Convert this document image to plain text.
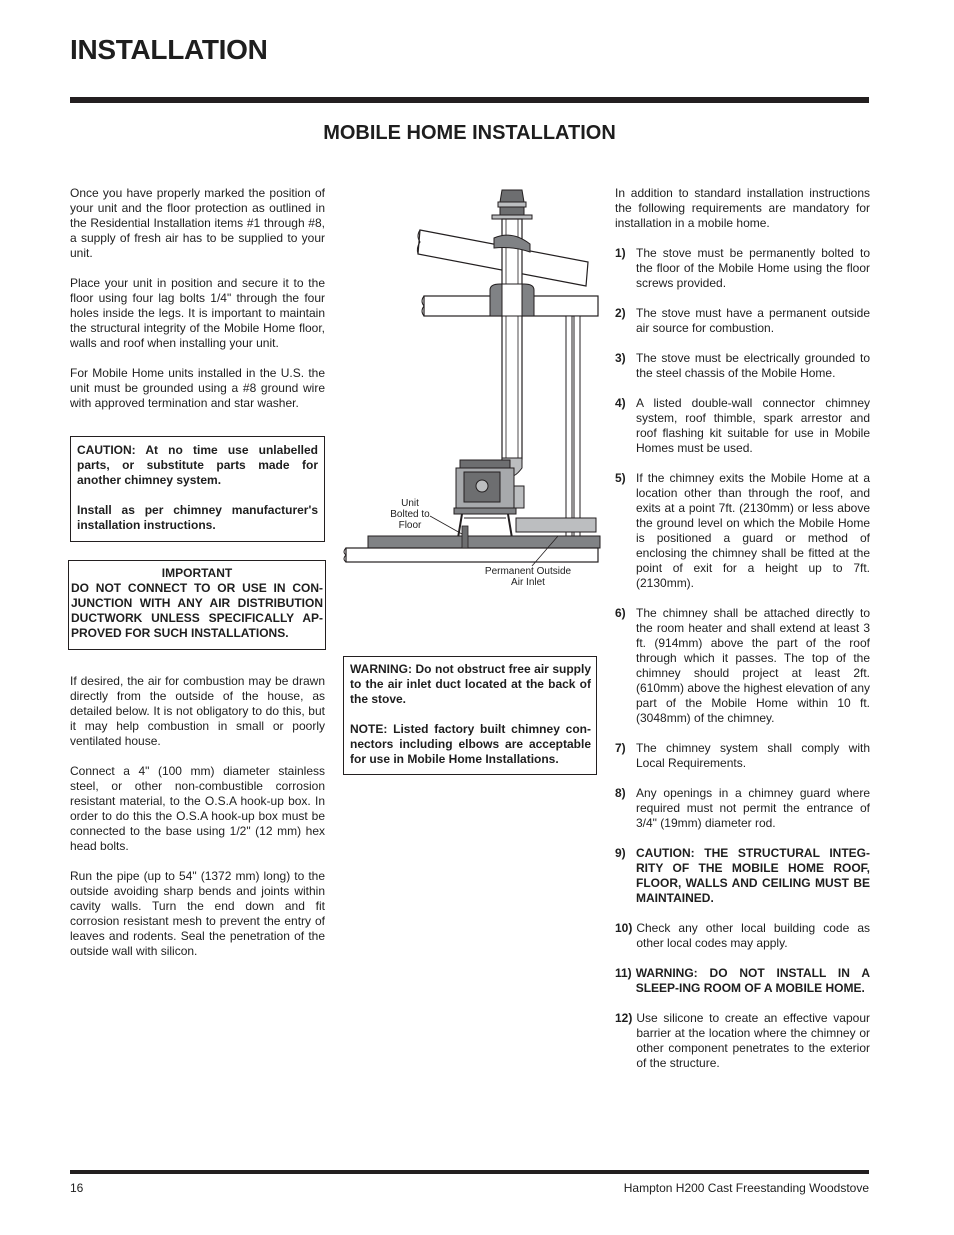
INSTALLATION
MOBILE HOME INSTALLATION

Once you have properly marked the position of your unit and the floor protection as outlined in the Residential Installation items #1 through #8, a supply of fresh air has to be supplied to your unit.

Place your unit in position and secure it to the floor using four lag bolts 1/4" through the four holes inside the legs. It is important to maintain the structural integrity of the Mobile Home floor, walls and roof when installing your unit.

For Mobile Home units installed in the U.S. the unit must be grounded using a #8 ground wire with approved termination and star washer.

CAUTION: At no time use unlabelled parts, or substitute parts made for another chimney system.

Install as per chimney manufacturer's installation instructions.

IMPORTANT
DO NOT CONNECT TO OR USE IN CON-JUNCTION WITH ANY AIR DISTRIBUTION DUCTWORK UNLESS SPECIFICALLY AP-PROVED FOR SUCH INSTALLATIONS.

If desired, the air for combustion may be drawn directly from the outside of the house, as detailed below. It is not obligatory to do this, but it may help combustion in small or poorly ventilated house.

Connect a 4" (100 mm) diameter stainless steel, or other non-combustible corrosion resistant material, to the O.S.A hook-up box. In order to do this the O.S.A hook-up box must be connected to the base using 1/2" (12 mm) hex head bolts.

Run the pipe (up to 54" (1372 mm) long) to the outside avoiding sharp bends and joints within cavity walls. Turn the end down and fit corrosion resistant mesh to prevent the entry of leaves and rodents. Seal the penetration of the outside wall with silicon.

Unit
Bolted to
Floor
Permanent Outside
Air Inlet

WARNING: Do not obstruct free air supply to the air inlet duct located at the back of the stove.

NOTE: Listed factory built chimney con-nectors including elbows are acceptable for use in Mobile Home Installations.

In addition to standard installation instructions the following requirements are mandatory for installation in a mobile home.

1) The stove must be permanently bolted to the floor of the Mobile Home using the floor screws provided.
2) The stove must have a permanent outside air source for combustion.
3) The stove must be electrically grounded to the steel chassis of the Mobile Home.
4) A listed double-wall connector chimney system, roof thimble, spark arrestor and roof flashing kit suitable for use in Mobile Homes must be used.
5) If the chimney exits the Mobile Home at a location other than through the roof, and exits at a point 7ft. (2130mm) or less above the ground level on which the Mobile Home is positioned a guard or method of enclosing the chimney shall be fitted at the point of exit for a height up to 7ft. (2130mm).
6) The chimney shall be attached directly to the room heater and shall extend at least 3 ft. (914mm) above the part of the roof through which it passes. The top of the chimney should project at least 2ft. (610mm) above the highest elevation of any part of the Mobile Home within 10 ft. (3048mm) of the chimney.
7) The chimney system shall comply with Local Requirements.
8) Any openings in a chimney guard where required must not permit the entrance of 3/4" (19mm) diameter rod.
9) CAUTION: THE STRUCTURAL INTEG-RITY OF THE MOBILE HOME ROOF, FLOOR, WALLS AND CEILING MUST BE MAINTAINED.
10) Check any other local building code as other local codes may apply.
11) WARNING: DO NOT INSTALL IN A SLEEP-ING ROOM OF A MOBILE HOME.
12) Use silicone to create an effective vapour barrier at the location where the chimney or other component penetrates to the exterior of the structure.
16	Hampton H200 Cast Freestanding Woodstove
